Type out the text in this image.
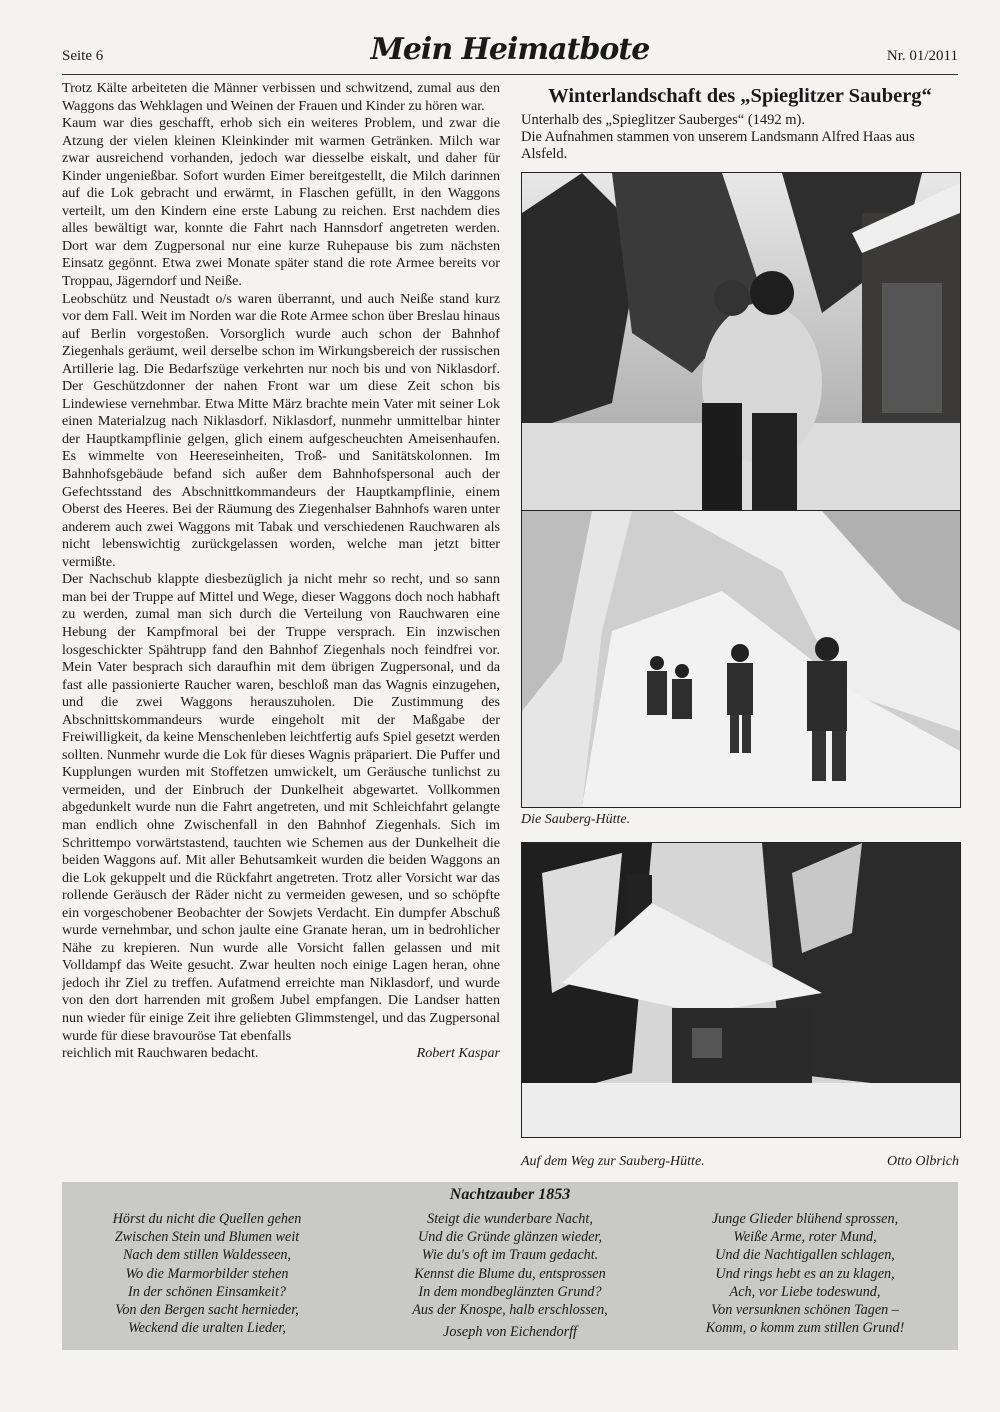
Seite 6	Mein Heimatbote	Nr. 01/2011

Trotz Kälte arbeiteten die Männer verbissen und schwitzend, zumal aus den Waggons das Wehklagen und Weinen der Frauen und Kinder zu hören war.

Kaum war dies geschafft, erhob sich ein weiteres Problem, und zwar die Atzung der vielen kleinen Kleinkinder mit warmen Getränken. Milch war zwar ausreichend vorhanden, jedoch war diesselbe eiskalt, und daher für Kinder ungenießbar. Sofort wurden Eimer bereitgestellt, die Milch darinnen auf die Lok gebracht und erwärmt, in Flaschen gefüllt, in den Waggons verteilt, um den Kindern eine erste Labung zu reichen. Erst nachdem dies alles bewältigt war, konnte die Fahrt nach Hannsdorf angetreten werden. Dort war dem Zugpersonal nur eine kurze Ruhepause bis zum nächsten Einsatz gegönnt. Etwa zwei Monate später stand die rote Armee bereits vor Troppau, Jägerndorf und Neiße.

Leobschütz und Neustadt o/s waren überrannt, und auch Neiße stand kurz vor dem Fall. Weit im Norden war die Rote Armee schon über Breslau hinaus auf Berlin vorgestoßen. Vorsorglich wurde auch schon der Bahnhof Ziegenhals geräumt, weil derselbe schon im Wirkungsbereich der russischen Artillerie lag. Die Bedarfszüge verkehrten nur noch bis und von Niklasdorf. Der Geschützdonner der nahen Front war um diese Zeit schon bis Lindewiese vernehmbar. Etwa Mitte März brachte mein Vater mit seiner Lok einen Materialzug nach Niklasdorf. Niklasdorf, nunmehr unmittelbar hinter der Hauptkampflinie gelgen, glich einem aufgescheuchten Ameisenhaufen. Es wimmelte von Heereseinheiten, Troß- und Sanitätskolonnen. Im Bahnhofsgebäude befand sich außer dem Bahnhofspersonal auch der Gefechtsstand des Abschnittkommandeurs der Hauptkampflinie, einem Oberst des Heeres. Bei der Räumung des Ziegenhalser Bahnhofs waren unter anderem auch zwei Waggons mit Tabak und verschiedenen Rauchwaren als nicht lebenswichtig zurückgelassen worden, welche man jetzt bitter vermißte.

Der Nachschub klappte diesbezüglich ja nicht mehr so recht, und so sann man bei der Truppe auf Mittel und Wege, dieser Waggons doch noch habhaft zu werden, zumal man sich durch die Verteilung von Rauchwaren eine Hebung der Kampfmoral bei der Truppe versprach. Ein inzwischen losgeschickter Spähtrupp fand den Bahnhof Ziegenhals noch feindfrei vor. Mein Vater besprach sich daraufhin mit dem übrigen Zugpersonal, und da fast alle passionierte Raucher waren, beschloß man das Wagnis einzugehen, und die zwei Waggons herauszuholen. Die Zustimmung des Abschnittskommandeurs wurde eingeholt mit der Maßgabe der Freiwilligkeit, da keine Menschenleben leichtfertig aufs Spiel gesetzt werden sollten. Nunmehr wurde die Lok für dieses Wagnis präpariert. Die Puffer und Kupplungen wurden mit Stoffetzen umwickelt, um Geräusche tunlichst zu vermeiden, und der Einbruch der Dunkelheit abgewartet. Vollkommen abgedunkelt wurde nun die Fahrt angetreten, und mit Schleichfahrt gelangte man endlich ohne Zwischenfall in den Bahnhof Ziegenhals. Sich im Schrittempo vorwärtstastend, tauchten wie Schemen aus der Dunkelheit die beiden Waggons auf. Mit aller Behutsamkeit wurden die beiden Waggons an die Lok gekuppelt und die Rückfahrt angetreten. Trotz aller Vorsicht war das rollende Geräusch der Räder nicht zu vermeiden gewesen, und so schöpfte ein vorgeschobener Beobachter der Sowjets Verdacht. Ein dumpfer Abschuß wurde vernehmbar, und schon jaulte eine Granate heran, um in bedrohlicher Nähe zu krepieren. Nun wurde alle Vorsicht fallen gelassen und mit Volldampf das Weite gesucht. Zwar heulten noch einige Lagen heran, ohne jedoch ihr Ziel zu treffen. Aufatmend erreichte man Niklasdorf, und wurde von den dort harrenden mit großem Jubel empfangen. Die Landser hatten nun wieder für einige Zeit ihre geliebten Glimmstengel, und das Zugpersonal wurde für diese bravouröse Tat ebenfalls

reichlich mit Rauchwaren bedacht.	Robert Kaspar
Winterlandschaft des „Spieglitzer Sauberg“
Unterhalb des „Spieglitzer Sauberges“ (1492 m).
Die Aufnahmen stammen von unserem Landsmann Alfred Haas aus Alsfeld.
Die Sauberg-Hütte.
Auf dem Weg zur Sauberg-Hütte.	Otto Olbrich
Nachtzauber 1853
Hörst du nicht die Quellen gehen
Zwischen Stein und Blumen weit
Nach dem stillen Waldesseen,
Wo die Marmorbilder stehen
In der schönen Einsamkeit?
Von den Bergen sacht hernieder,
Weckend die uralten Lieder,
Steigt die wunderbare Nacht,
Und die Gründe glänzen wieder,
Wie du's oft im Traum gedacht.
Kennst die Blume du, entsprossen
In dem mondbeglänzten Grund?
Aus der Knospe, halb erschlossen,
Joseph von Eichendorff
Junge Glieder blühend sprossen,
Weiße Arme, roter Mund,
Und die Nachtigallen schlagen,
Und rings hebt es an zu klagen,
Ach, vor Liebe todeswund,
Von versunknen schönen Tagen –
Komm, o komm zum stillen Grund!
